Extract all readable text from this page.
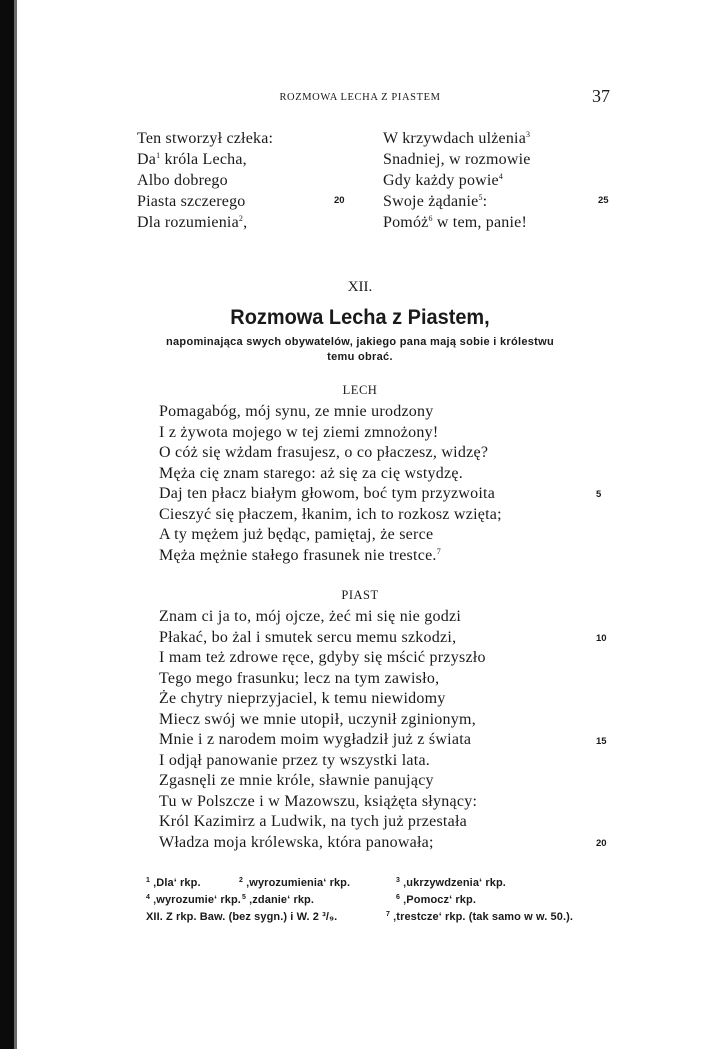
ROZMOWA LECHA Z PIASTEM	37
Ten stworzył człeka:
Da$^1$ króla Lecha,
Albo dobrego
Piasta szczerego
Dla rozumienia$^2$,
20
W krzywdach ulżenia$^3$
Snadniej, w rozmowie
Gdy każdy powie$^4$
Swoje żądanie$^5$:
Pomóż$^6$ w tem, panie!
25
XII.
Rozmowa Lecha z Piastem,
napominająca swych obywatelów, jakiego pana mają sobie i królestwu
temu obrać.
LECH
Pomagabóg, mój synu, ze mnie urodzony
I z żywota mojego w tej ziemi zmnożony!
O cóż się wżdam frasujesz, o co płaczesz, widzę?
Męża cię znam starego: aż się za cię wstydzę.
Daj ten płacz białym głowom, boć tym przyzwoita
Cieszyć się płaczem, łkanim, ich to rozkosz wzięta;
A ty mężem już będąc, pamiętaj, że serce
Męża mężnie stałego frasunek nie trestce.$^7$
5
PIAST
Znam ci ja to, mój ojcze, żeć mi się nie godzi
Płakać, bo żal i smutek sercu memu szkodzi,
I mam też zdrowe ręce, gdyby się mścić przyszło
Tego mego frasunku; lecz na tym zawisło,
Że chytry nieprzyjaciel, k temu niewidomy
Miecz swój we mnie utopił, uczynił zginionym,
Mnie i z narodem moim wygładził już z świata
I odjął panowanie przez ty wszystki lata.
Zgasnęli ze mnie króle, sławnie panujący
Tu w Polszcze i w Mazowszu, książęta słynący:
Król Kazimirz a Ludwik, na tych już przestała
Władza moja królewska, która panowała;
10
15
20
$^1$ ‚Dla‘ rkp.	$^2$ ‚wyrozumienia‘ rkp.	$^3$ ‚ukrzywdzenia‘ rkp.
$^4$ ‚wyrozumie‘ rkp. $^5$ ‚zdanie‘ rkp.	$^6$ ‚Pomocz‘ rkp.
XII. Z rkp. Baw. (bez sygn.) i W. 2 ³/₉.	$^7$ ‚trestcze‘ rkp. (tak samo w w. 50.).
